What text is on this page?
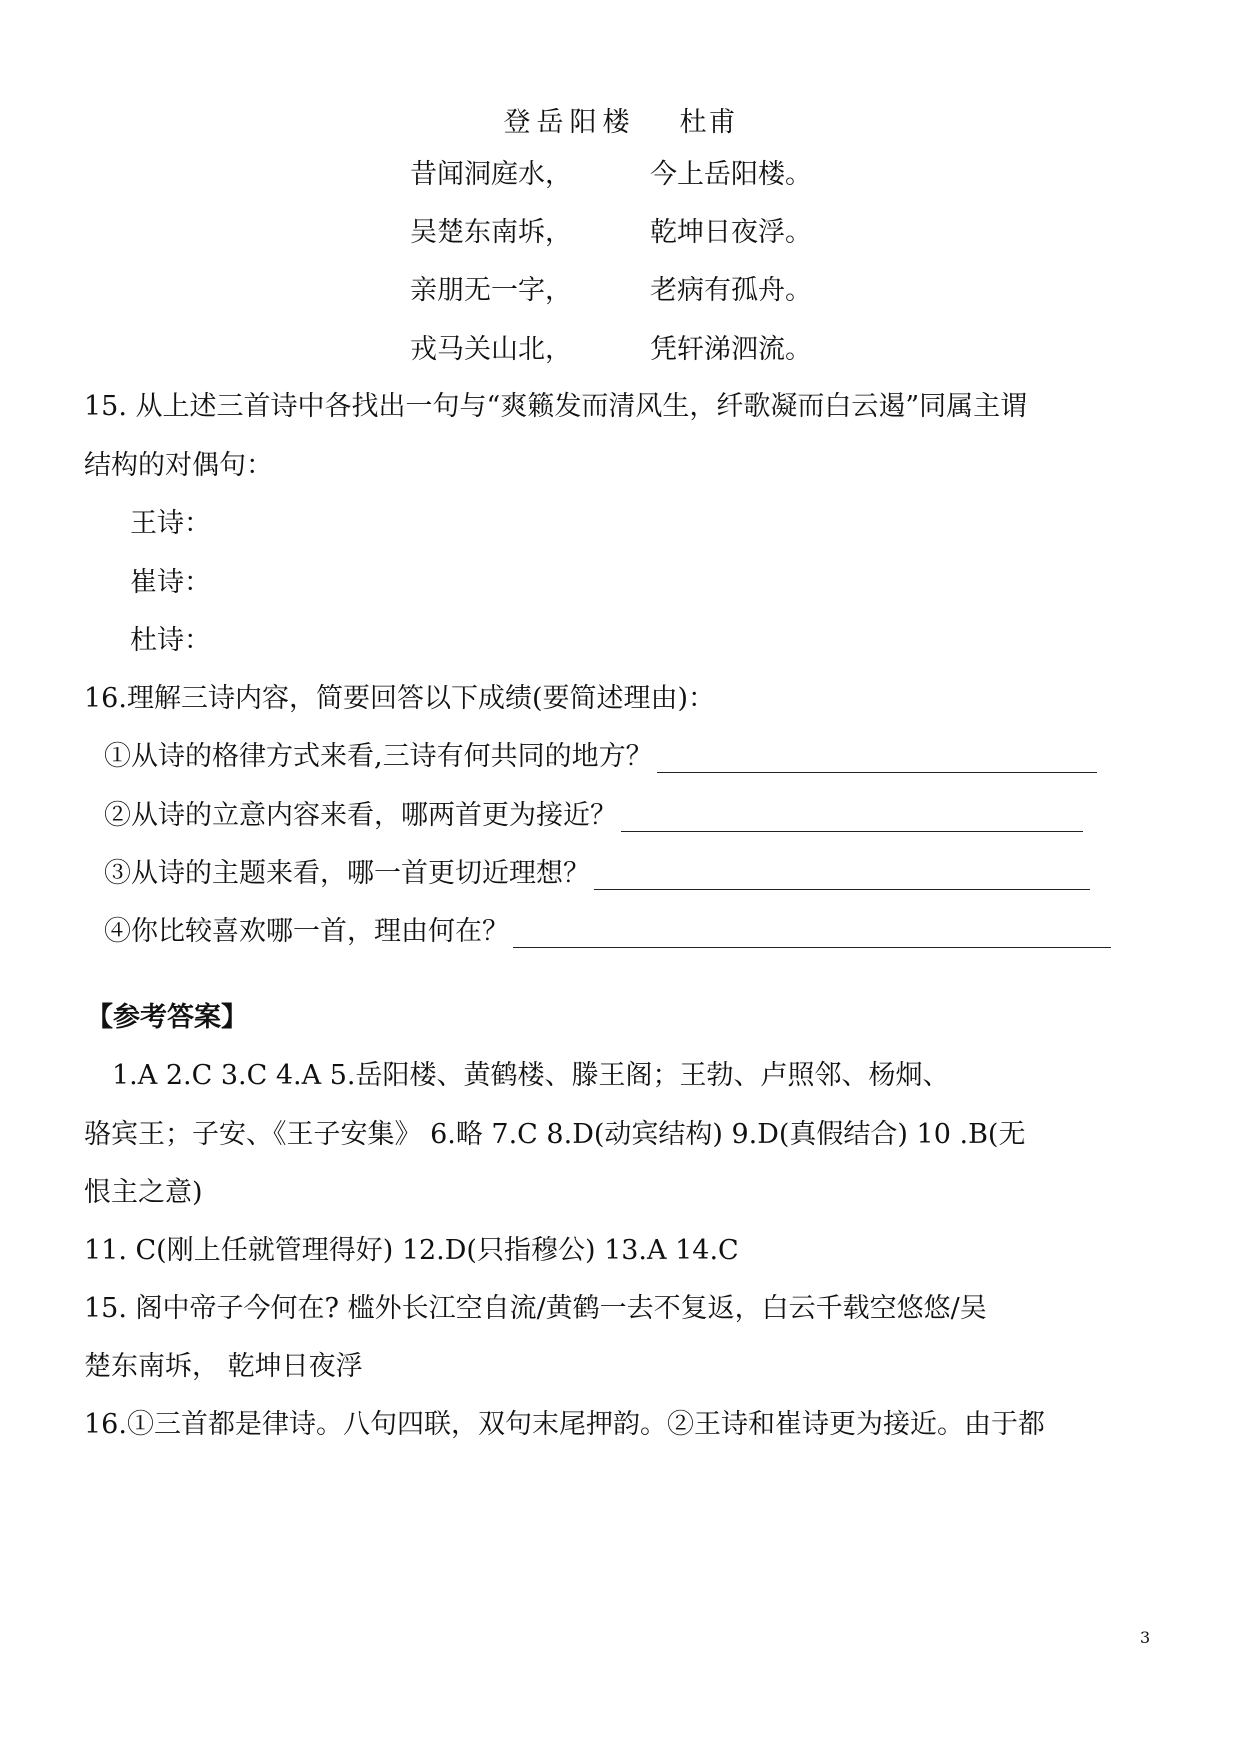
登岳阳楼 杜甫
昔闻洞庭水，	今上岳阳楼。
吴楚东南坼，	乾坤日夜浮。
亲朋无一字，	老病有孤舟。
戎马关山北，	凭轩涕泗流。
15. 从上述三首诗中各找出一句与“爽籁发而清风生，纤歌凝而白云遏”同属主谓
结构的对偶句：
王诗：
崔诗：
杜诗：
16.理解三诗内容，简要回答以下成绩(要简述理由)：
①从诗的格律方式来看,三诗有何共同的地方？
②从诗的立意内容来看，哪两首更为接近？
③从诗的主题来看，哪一首更切近理想？
④你比较喜欢哪一首，理由何在？
【参考答案】
1.A 2.C 3.C 4.A 5.岳阳楼、黄鹤楼、滕王阁；王勃、卢照邻、杨炯、
骆宾王；子安、《王子安集》 6.略 7.C 8.D(动宾结构) 9.D(真假结合) 10 .B(无
恨主之意)
11. C(刚上任就管理得好) 12.D(只指穆公) 13.A 14.C
15. 阁中帝子今何在? 槛外长江空自流/黄鹤一去不复返，白云千载空悠悠/吴
楚东南坼， 乾坤日夜浮
16.①三首都是律诗。八句四联，双句末尾押韵。②王诗和崔诗更为接近。由于都
3
